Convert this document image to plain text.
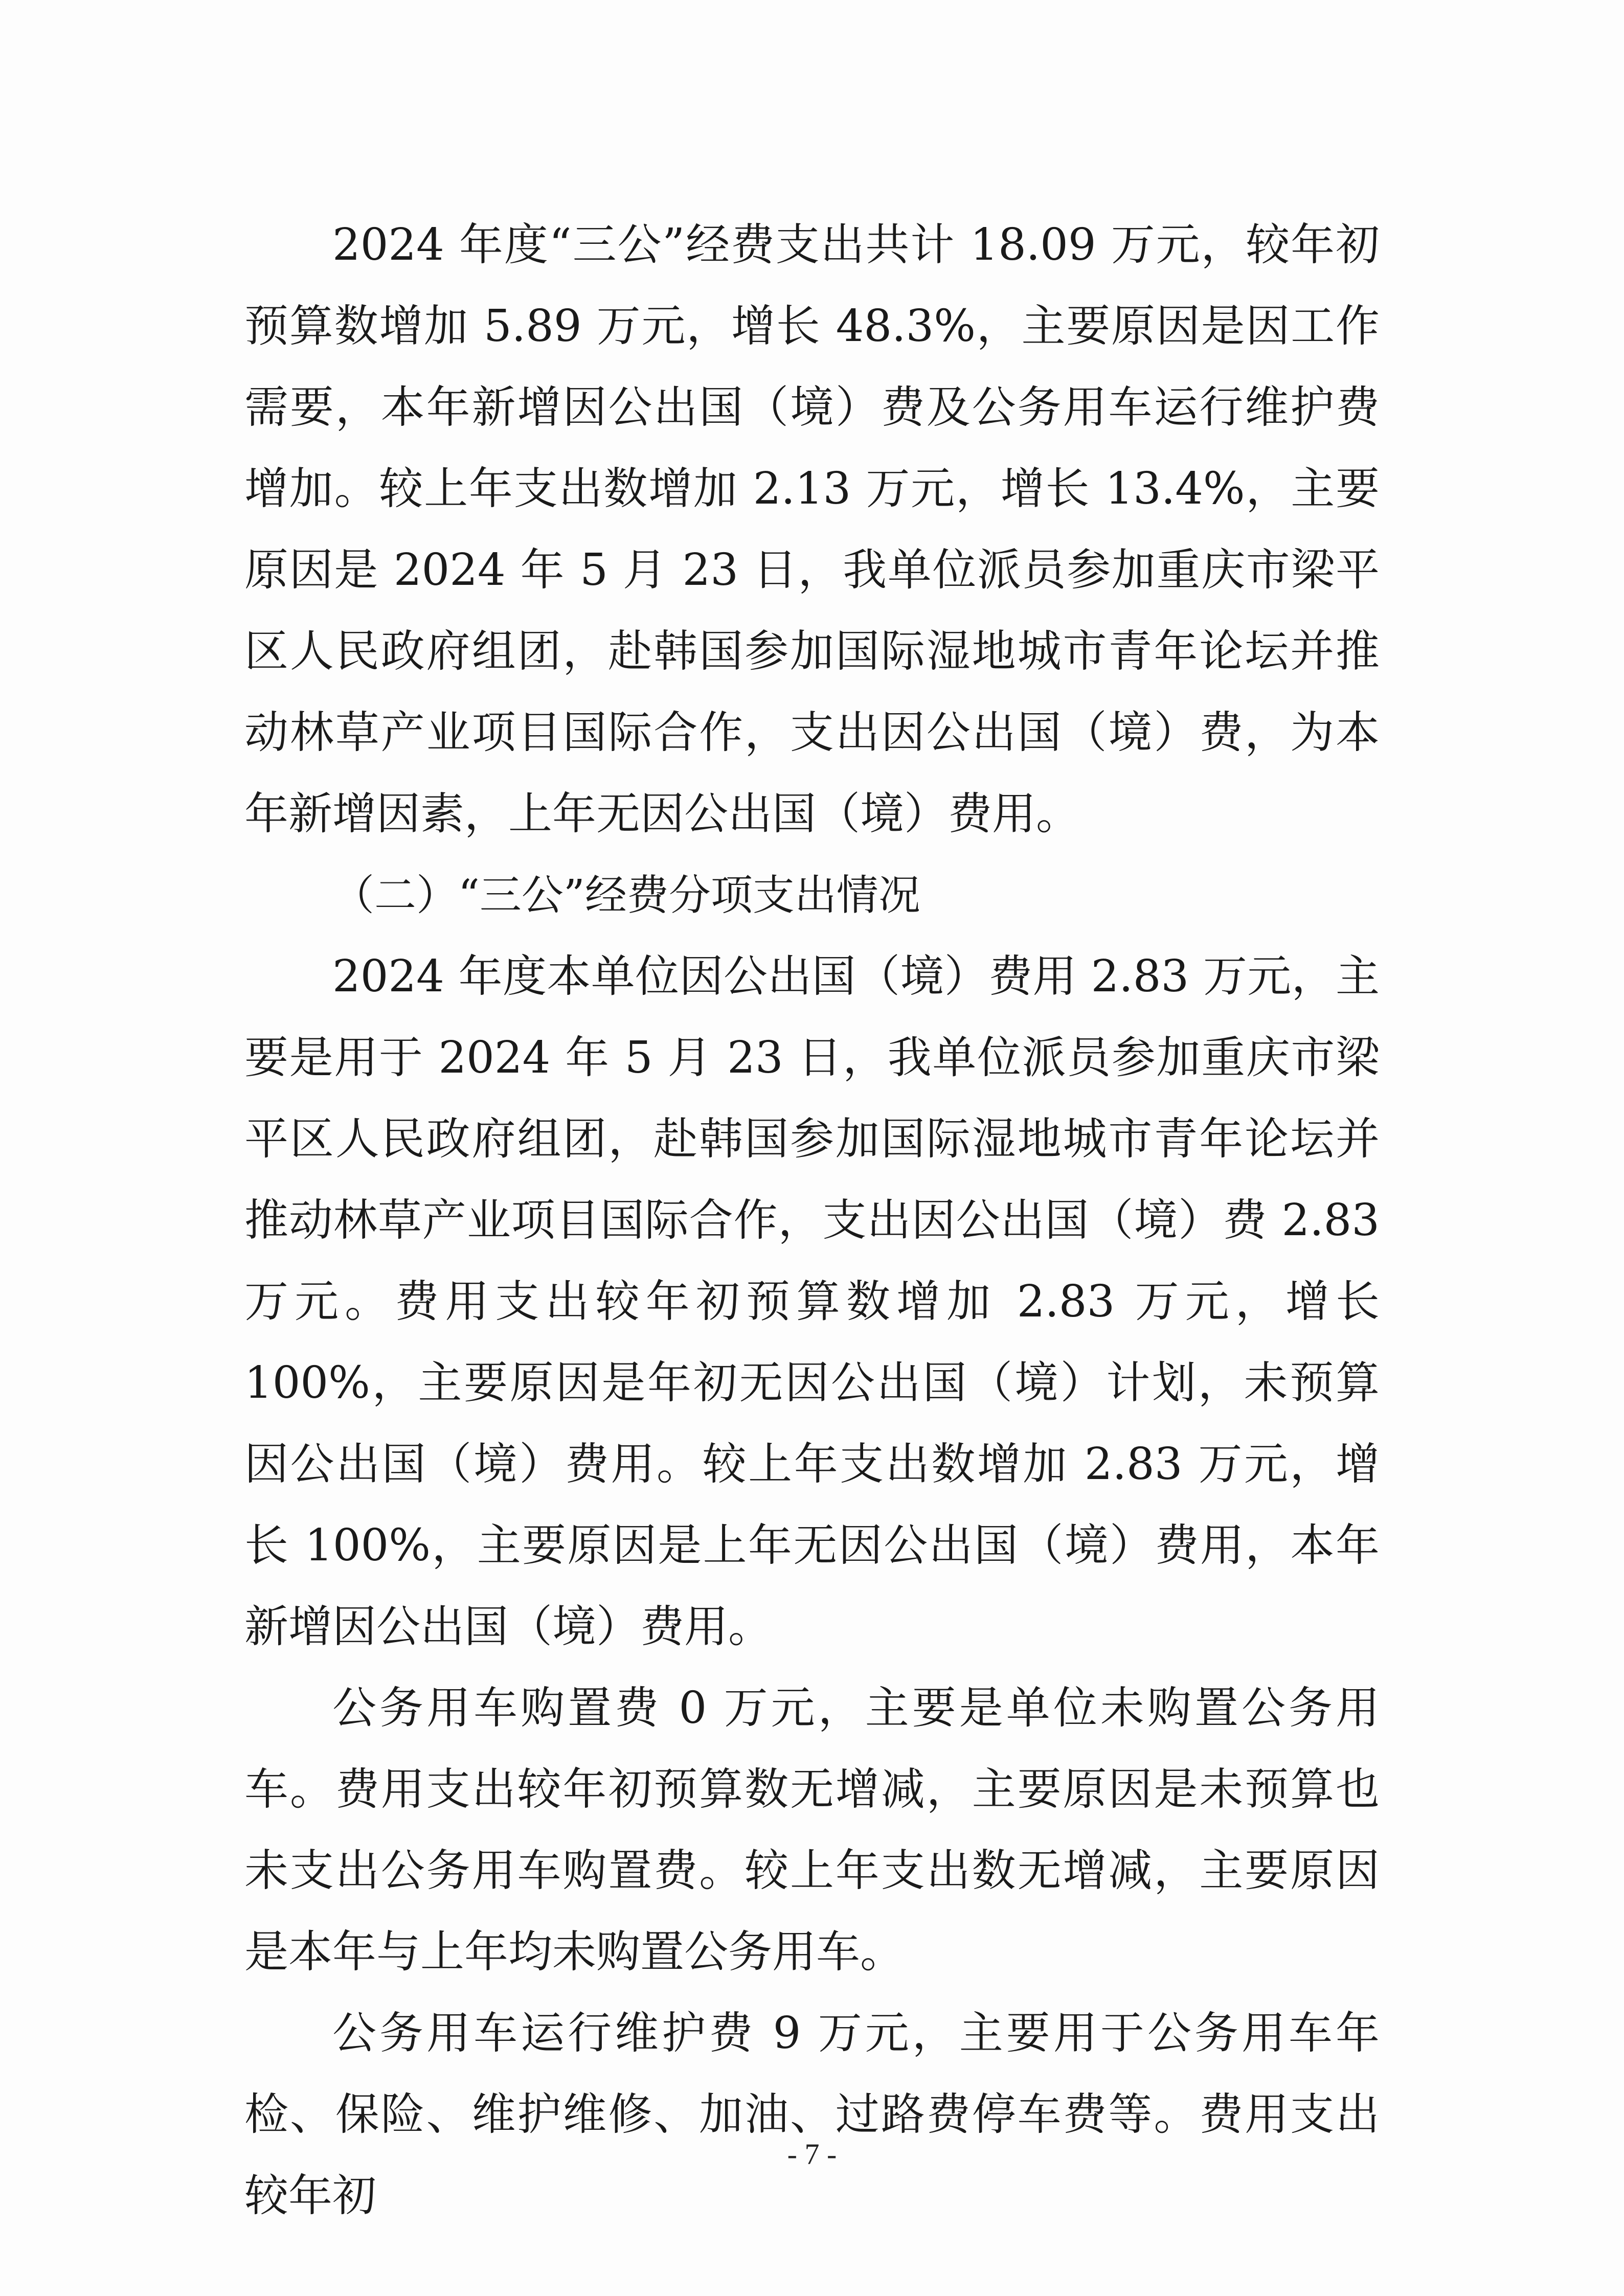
2024 年度“三公”经费支出共计 18.09 万元，较年初预算数增加 5.89 万元，增长 48.3%，主要原因是因工作需要，本年新增因公出国（境）费及公务用车运行维护费增加。较上年支出数增加 2.13 万元，增长 13.4%，主要原因是 2024 年 5 月 23 日，我单位派员参加重庆市梁平区人民政府组团，赴韩国参加国际湿地城市青年论坛并推动林草产业项目国际合作，支出因公出国（境）费，为本年新增因素，上年无因公出国（境）费用。

（二）“三公”经费分项支出情况

2024 年度本单位因公出国（境）费用 2.83 万元，主要是用于 2024 年 5 月 23 日，我单位派员参加重庆市梁平区人民政府组团，赴韩国参加国际湿地城市青年论坛并推动林草产业项目国际合作，支出因公出国（境）费 2.83 万元。费用支出较年初预算数增加 2.83 万元，增长 100%，主要原因是年初无因公出国（境）计划，未预算因公出国（境）费用。较上年支出数增加 2.83 万元，增长 100%，主要原因是上年无因公出国（境）费用，本年新增因公出国（境）费用。

公务用车购置费 0 万元，主要是单位未购置公务用车。费用支出较年初预算数无增减，主要原因是未预算也未支出公务用车购置费。较上年支出数无增减，主要原因是本年与上年均未购置公务用车。

公务用车运行维护费 9 万元，主要用于公务用车年检、保险、维护维修、加油、过路费停车费等。费用支出较年初

- 7 -
